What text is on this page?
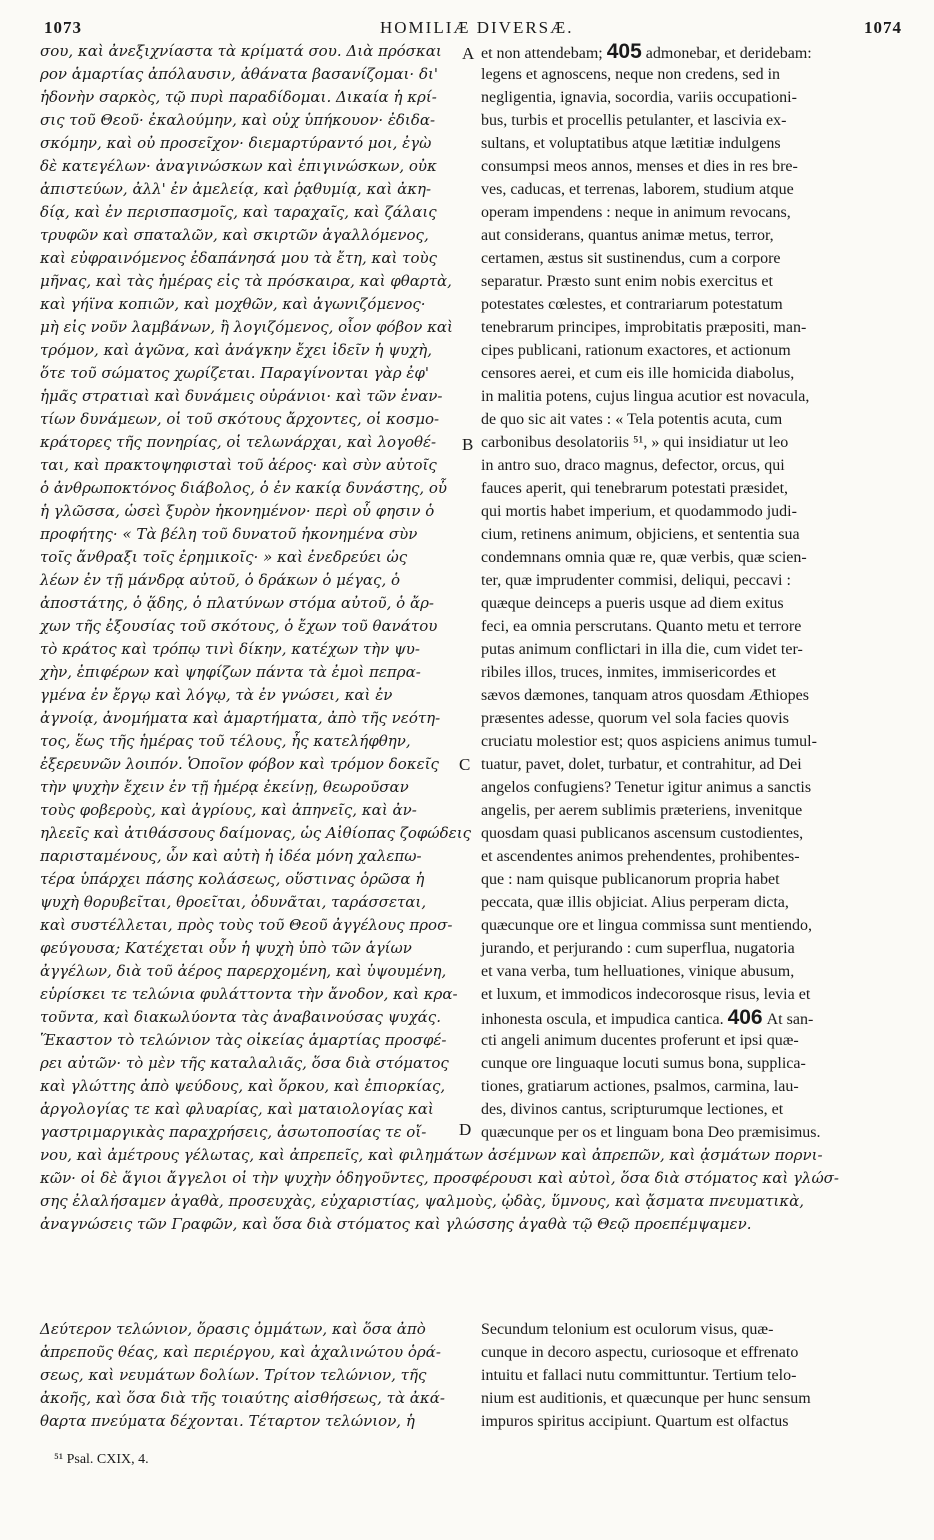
1073	HOMILIÆ DIVERSÆ.	1074
σου, καὶ ἀνεξιχνίαστα τὰ κρίματά σου. Διὰ πρόσκαι
ρον ἁμαρτίας ἀπόλαυσιν, ἀθάνατα βασανίζομαι· δι'
ἡδονὴν σαρκὸς, τῷ πυρὶ παραδίδομαι. Δικαία ἡ κρί-
σις τοῦ Θεοῦ· ἐκαλούμην, καὶ οὐχ ὑπήκουον· ἐδιδα-
σκόμην, καὶ οὐ προσεῖχον· διεμαρτύραντό μοι, ἐγὼ
δὲ κατεγέλων· ἀναγινώσκων καὶ ἐπιγινώσκων, οὐκ
ἀπιστεύων, ἀλλ' ἐν ἀμελείᾳ, καὶ ῥᾳθυμίᾳ, καὶ ἀκη-
δίᾳ, καὶ ἐν περισπασμοῖς, καὶ ταραχαῖς, καὶ ζάλαις
τρυφῶν καὶ σπαταλῶν, καὶ σκιρτῶν ἀγαλλόμενος,
καὶ εὐφραινόμενος ἐδαπάνησά μου τὰ ἔτη, καὶ τοὺς
μῆνας, καὶ τὰς ἡμέρας εἰς τὰ πρόσκαιρα, καὶ φθαρτὰ,
καὶ γήϊνα κοπιῶν, καὶ μοχθῶν, καὶ ἀγωνιζόμενος·
μὴ εἰς νοῦν λαμβάνων, ἢ λογιζόμενος, οἷον φόβον καὶ
τρόμον, καὶ ἀγῶνα, καὶ ἀνάγκην ἔχει ἰδεῖν ἡ ψυχὴ,
ὅτε τοῦ σώματος χωρίζεται. Παραγίνονται γὰρ ἐφ'
ἡμᾶς στρατιαὶ καὶ δυνάμεις οὐράνιοι· καὶ τῶν ἐναν-
τίων δυνάμεων, οἱ τοῦ σκότους ἄρχοντες, οἱ κοσμο-
κράτορες τῆς πονηρίας, οἱ τελωνάρχαι, καὶ λογοθέ-
ται, καὶ πρακτοψηφισταὶ τοῦ ἀέρος· καὶ σὺν αὐτοῖς
ὁ ἀνθρωποκτόνος διάβολος, ὁ ἐν κακίᾳ δυνάστης, οὗ
ἡ γλῶσσα, ὡσεὶ ξυρὸν ἠκονημένον· περὶ οὗ φησιν ὁ
προφήτης· « Τὰ βέλη τοῦ δυνατοῦ ἠκονημένα σὺν
τοῖς ἄνθραξι τοῖς ἐρημικοῖς· » καὶ ἐνεδρεύει ὡς
λέων ἐν τῇ μάνδρᾳ αὐτοῦ, ὁ δράκων ὁ μέγας, ὁ
ἀποστάτης, ὁ ᾅδης, ὁ πλατύνων στόμα αὐτοῦ, ὁ ἄρ-
χων τῆς ἐξουσίας τοῦ σκότους, ὁ ἔχων τοῦ θανάτου
τὸ κράτος καὶ τρόπῳ τινὶ δίκην, κατέχων τὴν ψυ-
χὴν, ἐπιφέρων καὶ ψηφίζων πάντα τὰ ἐμοὶ πεπρα-
γμένα ἐν ἔργῳ καὶ λόγῳ, τὰ ἐν γνώσει, καὶ ἐν
ἀγνοίᾳ, ἀνομήματα καὶ ἁμαρτήματα, ἀπὸ τῆς νεότη-
τος, ἕως τῆς ἡμέρας τοῦ τέλους, ἧς κατελήφθην,
ἐξερευνῶν λοιπόν. Ὁποῖον φόβον καὶ τρόμον δοκεῖς
τὴν ψυχὴν ἔχειν ἐν τῇ ἡμέρᾳ ἐκείνῃ, θεωροῦσαν
τοὺς φοβεροὺς, καὶ ἀγρίους, καὶ ἀπηνεῖς, καὶ ἀν-
ηλεεῖς καὶ ἀτιθάσσους δαίμονας, ὡς Αἰθίοπας ζοφώδεις
παρισταμένους, ὧν καὶ αὐτὴ ἡ ἰδέα μόνη χαλεπω-
τέρα ὑπάρχει πάσης κολάσεως, οὕστινας ὁρῶσα ἡ
ψυχὴ θορυβεῖται, θροεῖται, ὀδυνᾶται, ταράσσεται,
καὶ συστέλλεται, πρὸς τοὺς τοῦ Θεοῦ ἀγγέλους προσ-
φεύγουσα; Κατέχεται οὖν ἡ ψυχὴ ὑπὸ τῶν ἁγίων
ἀγγέλων, διὰ τοῦ ἀέρος παρερχομένη, καὶ ὑψουμένη,
εὑρίσκει τε τελώνια φυλάττοντα τὴν ἄνοδον, καὶ κρα-
τοῦντα, καὶ διακωλύοντα τὰς ἀναβαινούσας ψυχάς.
Ἕκαστον τὸ τελώνιον τὰς οἰκείας ἁμαρτίας προσφέ-
ρει αὐτῶν· τὸ μὲν τῆς καταλαλιᾶς, ὅσα διὰ στόματος
καὶ γλώττης ἀπὸ ψεύδους, καὶ ὅρκου, καὶ ἐπιορκίας,
ἀργολογίας τε καὶ φλυαρίας, καὶ ματαιολογίας καὶ
γαστριμαργικὰς παραχρήσεις, ἀσωτοποσίας τε οἴ-
νου, καὶ ἀμέτρους γέλωτας, καὶ ἀπρεπεῖς, καὶ φιλημάτων ἀσέμνων καὶ ἀπρεπῶν, καὶ ᾀσμάτων πορνι-
et non attendebam; 405 admonebar, et deridebam:
legens et agnoscens, neque non credens, sed in
negligentia, ignavia, socordia, variis occupationi-
bus, turbis et procellis petulanter, et lascivia ex-
sultans, et voluptatibus atque lætitiæ indulgens
consumpsi meos annos, menses et dies in res bre-
ves, caducas, et terrenas, laborem, studium atque
operam impendens : neque in animum revocans,
aut considerans, quantus animæ metus, terror,
certamen, æstus sit sustinendus, cum a corpore
separatur. Præsto sunt enim nobis exercitus et
potestates cœlestes, et contrariarum potestatum
tenebrarum principes, improbitatis præpositi, man-
cipes publicani, rationum exactores, et actionum
censores aerei, et cum eis ille homicida diabolus,
in malitia potens, cujus lingua acutior est novacula,
de quo sic ait vates : « Tela potentis acuta, cum
carbonibus desolatoriis ⁵¹, » qui insidiatur ut leo
in antro suo, draco magnus, defector, orcus, qui
fauces aperit, qui tenebrarum potestati præsidet,
qui mortis habet imperium, et quodammodo judi-
cium, retinens animum, objiciens, et sententia sua
condemnans omnia quæ re, quæ verbis, quæ scien-
ter, quæ imprudenter commisi, deliqui, peccavi :
quæque deinceps a pueris usque ad diem exitus
feci, ea omnia perscrutans. Quanto metu et terrore
putas animum conflictari in illa die, cum videt ter-
ribiles illos, truces, inmites, immisericordes et
sævos dæmones, tanquam atros quosdam Æthiopes
præsentes adesse, quorum vel sola facies quovis
cruciatu molestior est; quos aspiciens animus tumul-
tuatur, pavet, dolet, turbatur, et contrahitur, ad Dei
angelos confugiens? Tenetur igitur animus a sanctis
angelis, per aerem sublimis præteriens, invenitque
quosdam quasi publicanos ascensum custodientes,
et ascendentes animos prehendentes, prohibentes-
que : nam quisque publicanorum propria habet
peccata, quæ illis objiciat. Alius perperam dicta,
quæcunque ore et lingua commissa sunt mentiendo,
jurando, et perjurando : cum superflua, nugatoria
et vana verba, tum helluationes, vinique abusum,
et luxum, et immodicos indecorosque risus, levia et
inhonesta oscula, et impudica cantica. 406 At san-
cti angeli animum ducentes proferunt et ipsi quæ-
cunque ore linguaque locuti sumus bona, supplica-
tiones, gratiarum actiones, psalmos, carmina, lau-
des, divinos cantus, scripturumque lectiones, et
quæcunque per os et linguam bona Deo præmisimus.
κῶν· οἱ δὲ ἅγιοι ἄγγελοι οἱ τὴν ψυχὴν ὁδηγοῦντες, προσφέρουσι καὶ αὐτοὶ, ὅσα διὰ στόματος καὶ γλώσ-
σης ἐλαλήσαμεν ἀγαθὰ, προσευχὰς, εὐχαριστίας, ψαλμοὺς, ᾠδὰς, ὕμνους, καὶ ᾄσματα πνευματικὰ,
ἀναγνώσεις τῶν Γραφῶν, καὶ ὅσα διὰ στόματος καὶ γλώσσης ἀγαθὰ τῷ Θεῷ προεπέμψαμεν.
Δεύτερον τελώνιον, ὅρασις ὀμμάτων, καὶ ὅσα ἀπὸ
ἀπρεποῦς θέας, καὶ περιέργου, καὶ ἀχαλινώτου ὁρά-
σεως, καὶ νευμάτων δολίων. Τρίτον τελώνιον, τῆς
ἀκοῆς, καὶ ὅσα διὰ τῆς τοιαύτης αἰσθήσεως, τὰ ἀκά-
θαρτα πνεύματα δέχονται. Τέταρτον τελώνιον, ἡ
Secundum telonium est oculorum visus, quæ-
cunque in decoro aspectu, curiosoque et effrenato
intuitu et fallaci nutu committuntur. Tertium telo-
nium est auditionis, et quæcunque per hunc sensum
impuros spiritus accipiunt. Quartum est olfactus
A
B
C
D
⁵¹ Psal. CXIX, 4.
